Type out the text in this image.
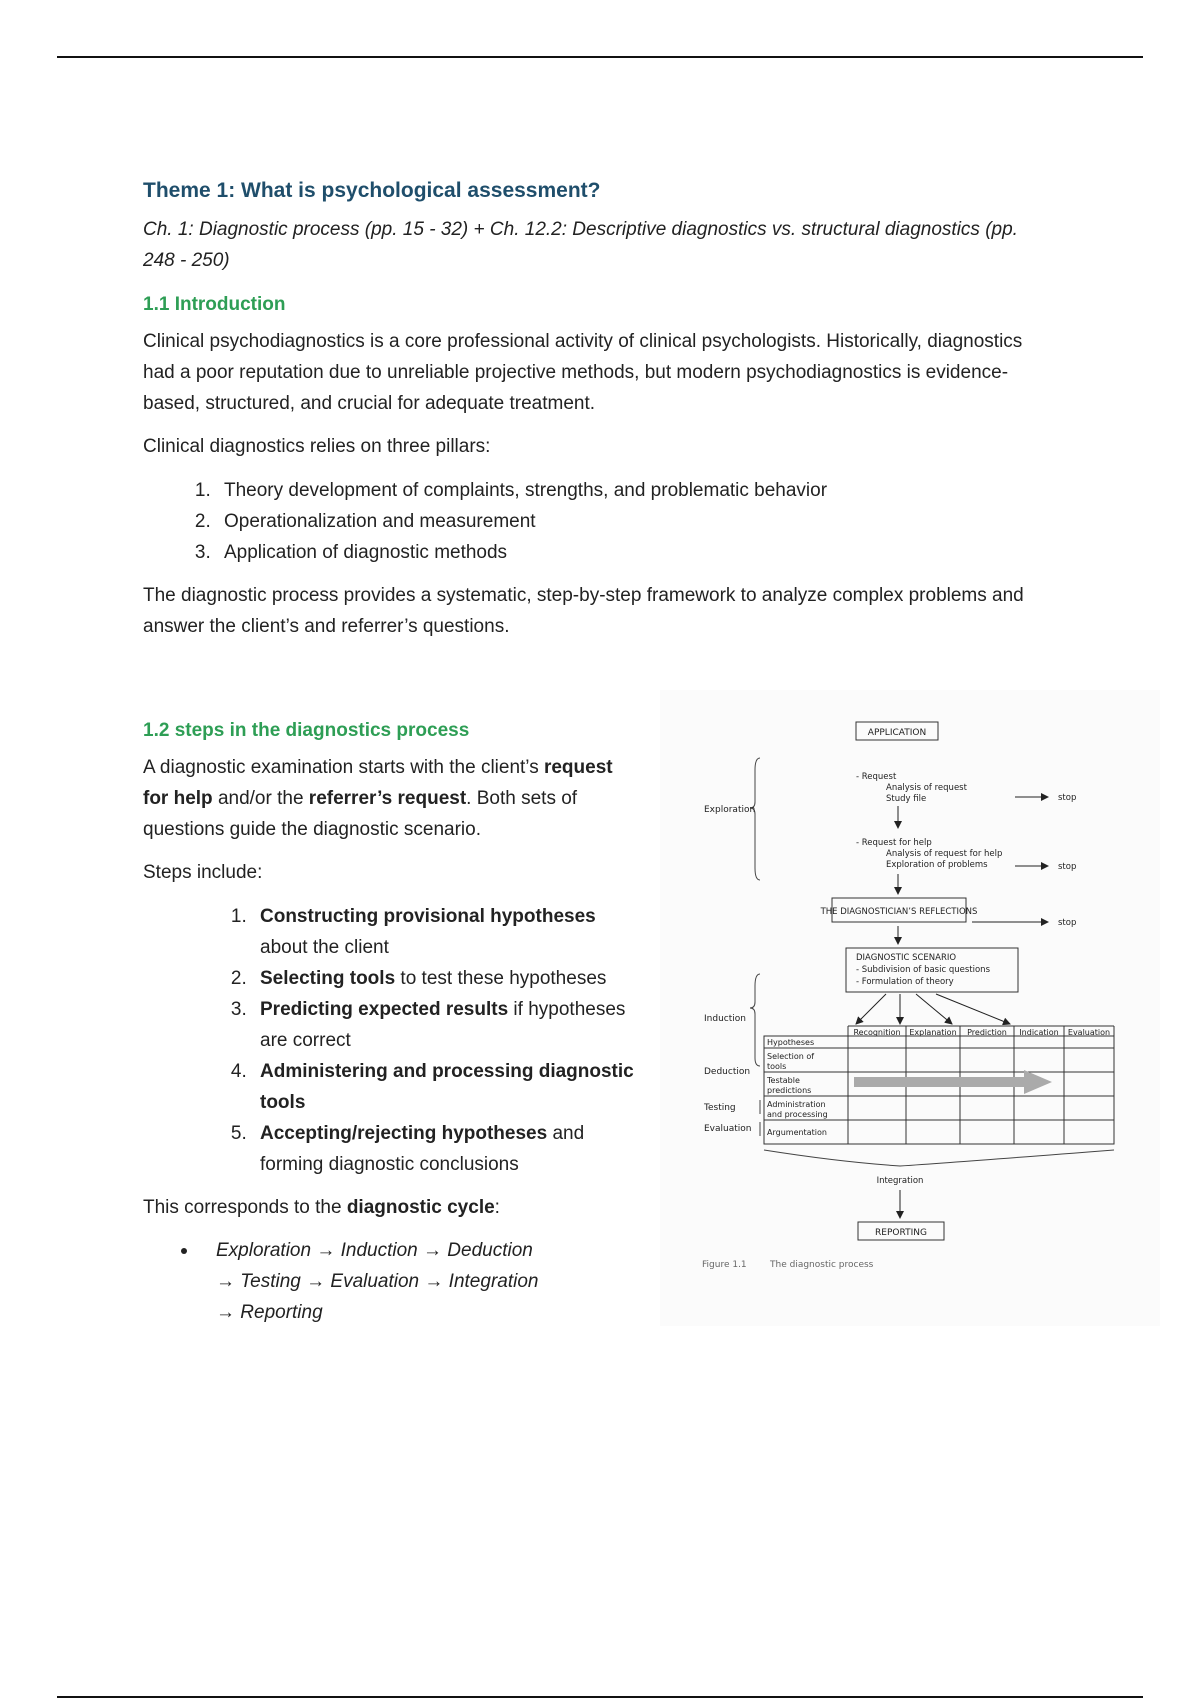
Theme 1: What is psychological assessment?

Ch. 1: Diagnostic process (pp. 15 - 32) + Ch. 12.2: Descriptive diagnostics vs. structural diagnostics (pp. 248 - 250)

1.1 Introduction

Clinical psychodiagnostics is a core professional activity of clinical psychologists. Historically, diagnostics had a poor reputation due to unreliable projective methods, but modern psychodiagnostics is evidence-based, structured, and crucial for adequate treatment.

Clinical diagnostics relies on three pillars:

1. Theory development of complaints, strengths, and problematic behavior
2. Operationalization and measurement
3. Application of diagnostic methods

The diagnostic process provides a systematic, step-by-step framework to analyze complex problems and answer the client’s and referrer’s questions.

1.2 steps in the diagnostics process

A diagnostic examination starts with the client’s request for help and/or the referrer’s request. Both sets of questions guide the diagnostic scenario.

Steps include:

1. Constructing provisional hypotheses about the client
2. Selecting tools to test these hypotheses
3. Predicting expected results if hypotheses are correct
4. Administering and processing diagnostic tools
5. Accepting/rejecting hypotheses and forming diagnostic conclusions

This corresponds to the diagnostic cycle:

Exploration → Induction → Deduction → Testing → Evaluation → Integration → Reporting
APPLICATION
Exploration
- Request
Analysis of request
Study file	stop
- Request for help
Analysis of request for help
Exploration of problems	stop
THE DIAGNOSTICIAN’S REFLECTIONS
stop
DIAGNOSTIC SCENARIO
- Subdivision of basic questions
- Formulation of theory
Induction
Recognition Explanation Prediction Indication Evaluation
Hypotheses
Selection of
tools
Testable
predictions
Administration
and processing
Argumentation
Deduction
Testing
Evaluation
Integration
REPORTING
Figure 1.1	The diagnostic process
